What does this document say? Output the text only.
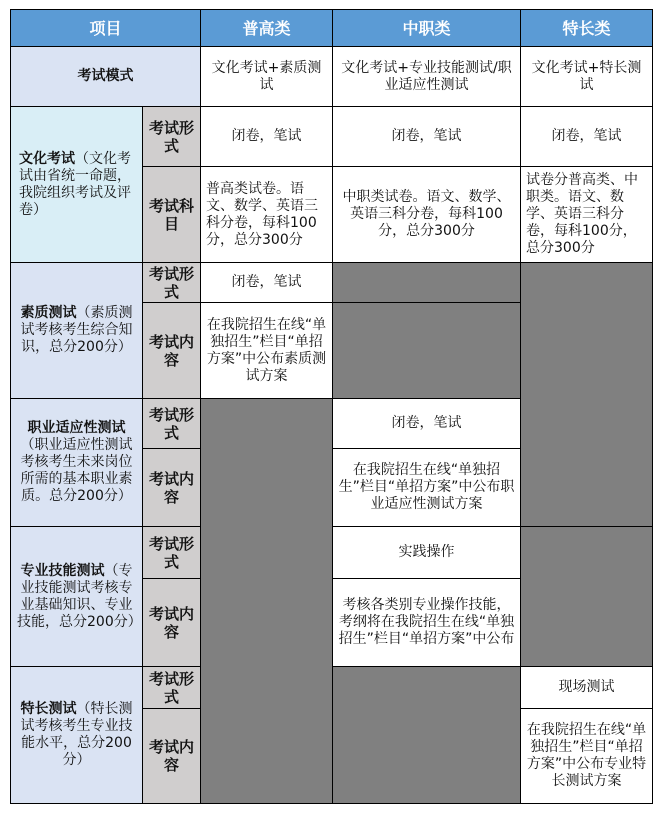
项目		普高类	中职类	特长类
考试模式		文化考试+素质测试	文化考试+专业技能测试/职业适应性测试	文化考试+特长测试
文化考试（文化考试由省统一命题，我院组织考试及评卷）	考试形式	闭卷，笔试	闭卷，笔试	闭卷，笔试
	考试科目	普高类试卷。语文、数学、英语三科分卷，每科100分，总分300分	中职类试卷。语文、数学、英语三科分卷，每科100分，总分300分	试卷分普高类、中职类。语文、数学、英语三科分卷，每科100分，总分300分
素质测试（素质测试考核考生综合知识，总分200分）	考试形式	闭卷，笔试		
	考试内容	在我院招生在线“单独招生”栏目“单招方案”中公布素质测试方案		
职业适应性测试（职业适应性测试考核考生未来岗位所需的基本职业素质。总分200分）	考试形式		闭卷，笔试	
	考试内容		在我院招生在线“单独招生”栏目“单招方案”中公布职业适应性测试方案	
专业技能测试（专业技能测试考核专业基础知识、专业技能，总分200分）	考试形式		实践操作	
	考试内容		考核各类别专业操作技能，考纲将在我院招生在线“单独招生”栏目“单招方案”中公布	
特长测试（特长测试考核考生专业技能水平，总分200分）	考试形式			现场测试
	考试内容			在我院招生在线“单独招生”栏目“单招方案”中公布专业特长测试方案
